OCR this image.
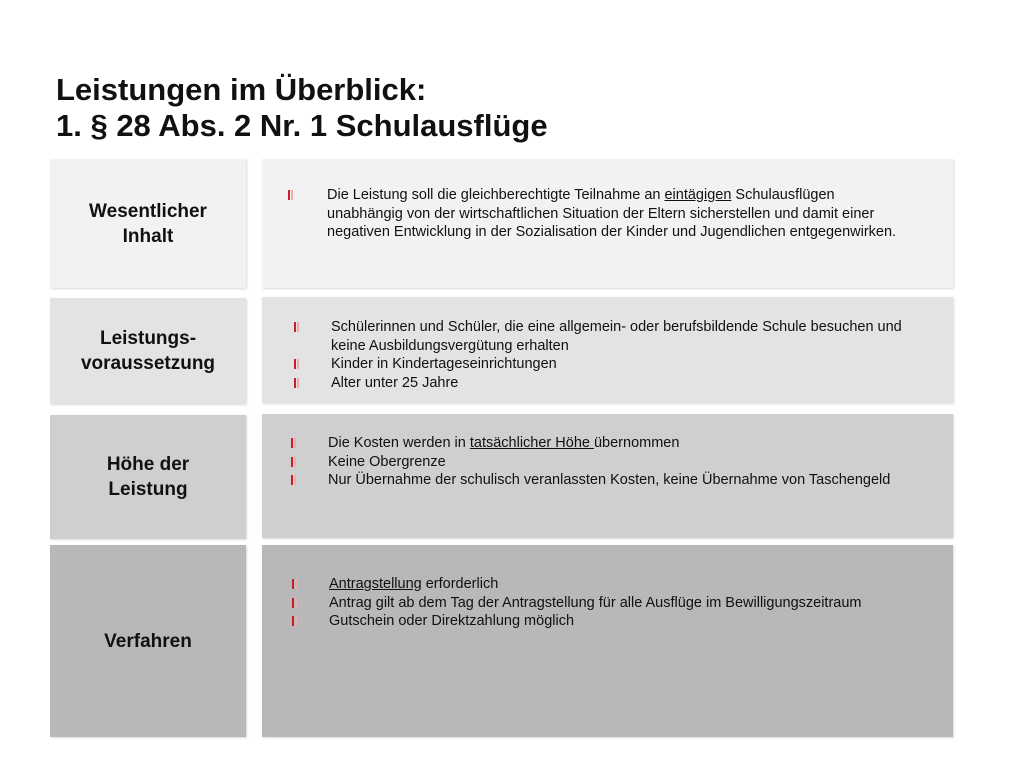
Leistungen im Überblick:
1. § 28 Abs. 2 Nr. 1 Schulausflüge
Wesentlicher
Inhalt
Die Leistung soll die gleichberechtigte Teilnahme an eintägigen Schulausflügen unabhängig von der wirtschaftlichen Situation der Eltern sicherstellen und damit einer negativen Entwicklung in der Sozialisation der Kinder und Jugendlichen entgegenwirken.
Leistungs-
voraussetzung
Schülerinnen und Schüler, die eine allgemein- oder berufsbildende Schule besuchen und keine Ausbildungsvergütung erhalten
Kinder in Kindertageseinrichtungen
Alter unter 25 Jahre
Höhe der
Leistung
Die Kosten werden in tatsächlicher Höhe übernommen
Keine Obergrenze
Nur Übernahme der schulisch veranlassten Kosten, keine Übernahme von Taschengeld
Verfahren
Antragstellung erforderlich
Antrag gilt ab dem Tag der Antragstellung für alle Ausflüge im Bewilligungszeitraum
Gutschein oder Direktzahlung möglich
